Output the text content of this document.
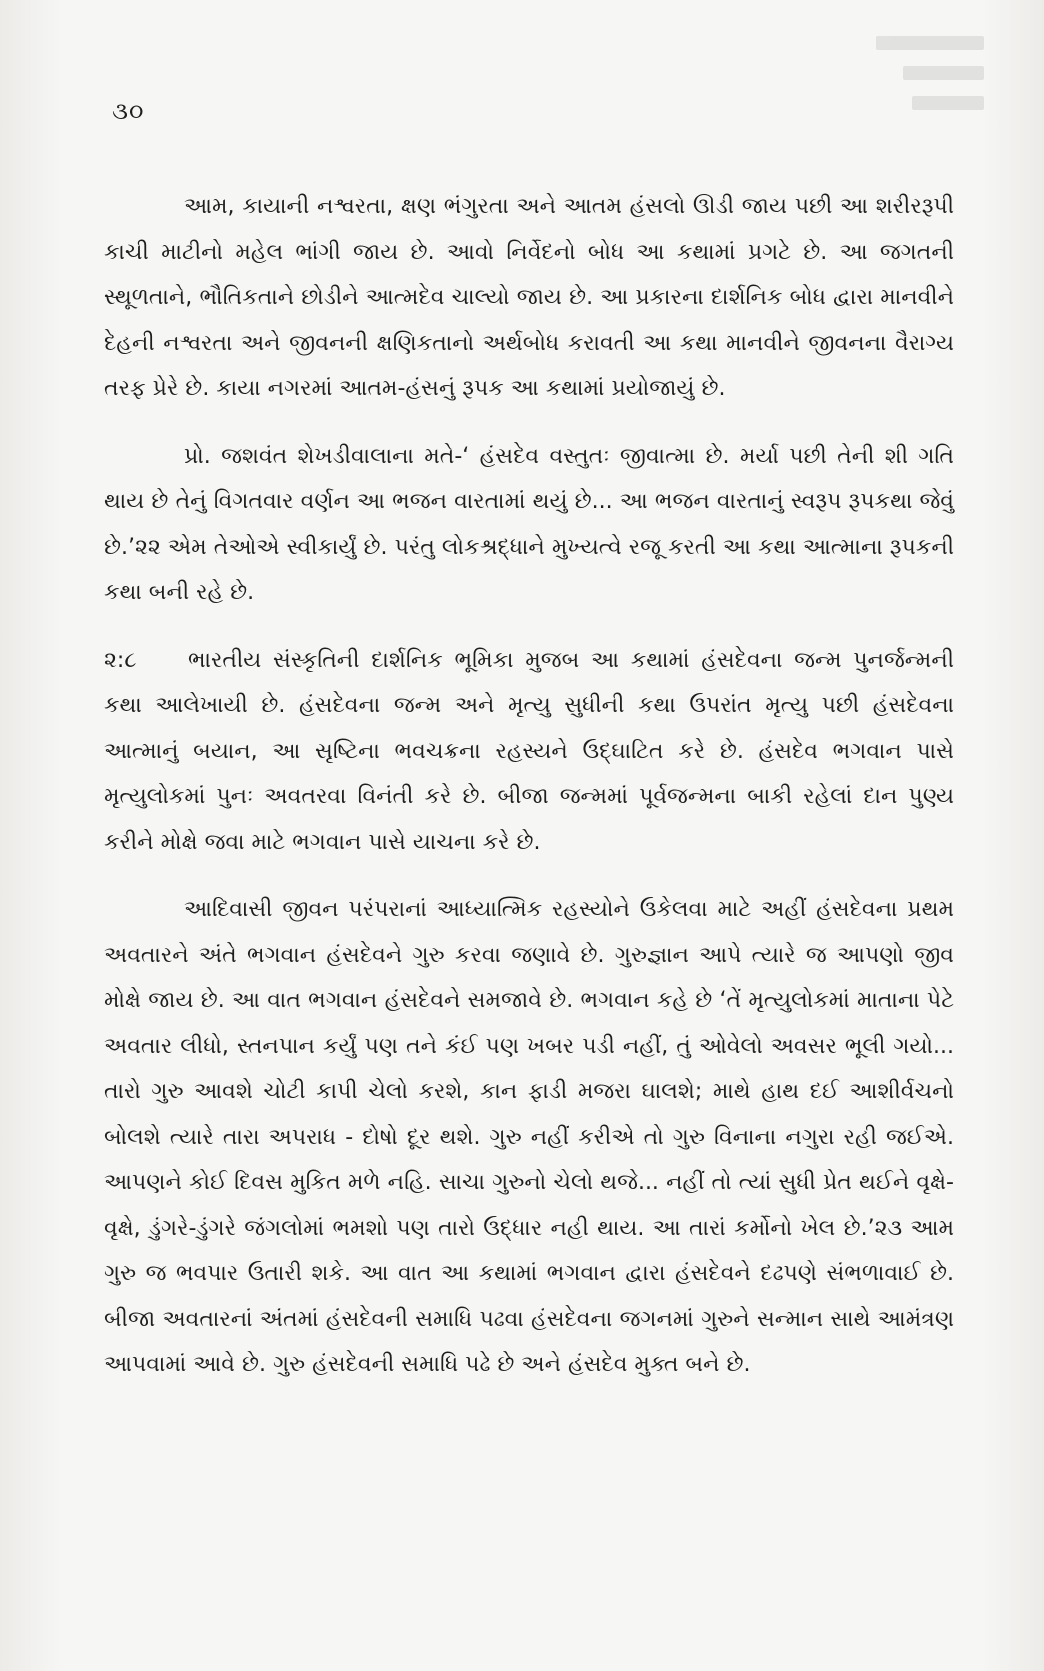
૩૦

આમ, કાયાની નશ્વરતા, ક્ષણ ભંગુરતા અને આતમ હંસલો ઊડી જાય પછી આ શરીરરૂપી કાચી માટીનો મહેલ ભાંગી જાય છે. આવો નિર્વેદનો બોધ આ કથામાં પ્રગટે છે. આ જગતની સ્થૂળતાને, ભૌતિકતાને છોડીને આત્મદેવ ચાલ્યો જાય છે. આ પ્રકારના દાર્શનિક બોધ દ્વારા માનવીને દેહની નશ્વરતા અને જીવનની ક્ષણિકતાનો અર્થબોધ કરાવતી આ કથા માનવીને જીવનના વૈરાગ્ય તરફ પ્રેરે છે. કાયા નગરમાં આતમ-હંસનું રૂપક આ કથામાં પ્રયોજાયું છે.

પ્રો. જશવંત શેખડીવાલાના મતે-‘ હંસદેવ વસ્તુતઃ જીવાત્મા છે. મર્યા પછી તેની શી ગતિ થાય છે તેનું વિગતવાર વર્ણન આ ભજન વારતામાં થયું છે... આ ભજન વારતાનું સ્વરૂપ રૂપકથા જેવું છે.’૨૨ એમ તેઓએ સ્વીકાર્યું છે. પરંતુ લોકશ્રદ્ધાને મુખ્યત્વે રજૂ કરતી આ કથા આત્માના રૂપકની કથા બની રહે છે.

૨:૮ ભારતીય સંસ્કૃતિની દાર્શનિક ભૂમિકા મુજબ આ કથામાં હંસદેવના જન્મ પુનર્જન્મની કથા આલેખાયી છે. હંસદેવના જન્મ અને મૃત્યુ સુધીની કથા ઉપરાંત મૃત્યુ પછી હંસદેવના આત્માનું બયાન, આ સૃષ્ટિના ભવચક્રના રહસ્યને ઉદ્‌ઘાટિત કરે છે. હંસદેવ ભગવાન પાસે મૃત્યુલોકમાં પુનઃ અવતરવા વિનંતી કરે છે. બીજા જન્મમાં પૂર્વજન્મના બાકી રહેલાં દાન પુણ્ય કરીને મોક્ષે જવા માટે ભગવાન પાસે યાચના કરે છે.

આદિવાસી જીવન પરંપરાનાં આધ્યાત્મિક રહસ્યોને ઉકેલવા માટે અહીં હંસદેવના પ્રથમ અવતારને અંતે ભગવાન હંસદેવને ગુરુ કરવા જણાવે છે. ગુરુજ્ઞાન આપે ત્યારે જ આપણો જીવ મોક્ષે જાય છે. આ વાત ભગવાન હંસદેવને સમજાવે છે. ભગવાન કહે છે ‘તેં મૃત્યુલોકમાં માતાના પેટે અવતાર લીધો, સ્તનપાન કર્યું પણ તને કંઈ પણ ખબર પડી નહીં, તું ઓવેલો અવસર ભૂલી ગયો... તારો ગુરુ આવશે ચોટી કાપી ચેલો કરશે, કાન ફાડી મજરા ઘાલશે; માથે હાથ દઈ આશીર્વચનો બોલશે ત્યારે તારા અપરાધ - દોષો દૂર થશે. ગુરુ નહીં કરીએ તો ગુરુ વિનાના નગુરા રહી જઈએ. આપણને કોઈ દિવસ મુકિત મળે નહિ. સાચા ગુરુનો ચેલો થજે... નહીં તો ત્યાં સુધી પ્રેત થઈને વૃક્ષે-વૃક્ષે, ડુંગરે-ડુંગરે જંગલોમાં ભમશો પણ તારો ઉદ્ધાર નહી થાય. આ તારાં કર્મોનો ખેલ છે.’૨૩ આમ ગુરુ જ ભવપાર ઉતારી શકે. આ વાત આ કથામાં ભગવાન દ્વારા હંસદેવને દઢપણે સંભળાવાઈ છે. બીજા અવતારનાં અંતમાં હંસદેવની સમાધિ પઢવા હંસદેવના જગનમાં ગુરુને સન્માન સાથે આમંત્રણ આપવામાં આવે છે. ગુરુ હંસદેવની સમાધિ પઢે છે અને હંસદેવ મુક્ત બને છે.
